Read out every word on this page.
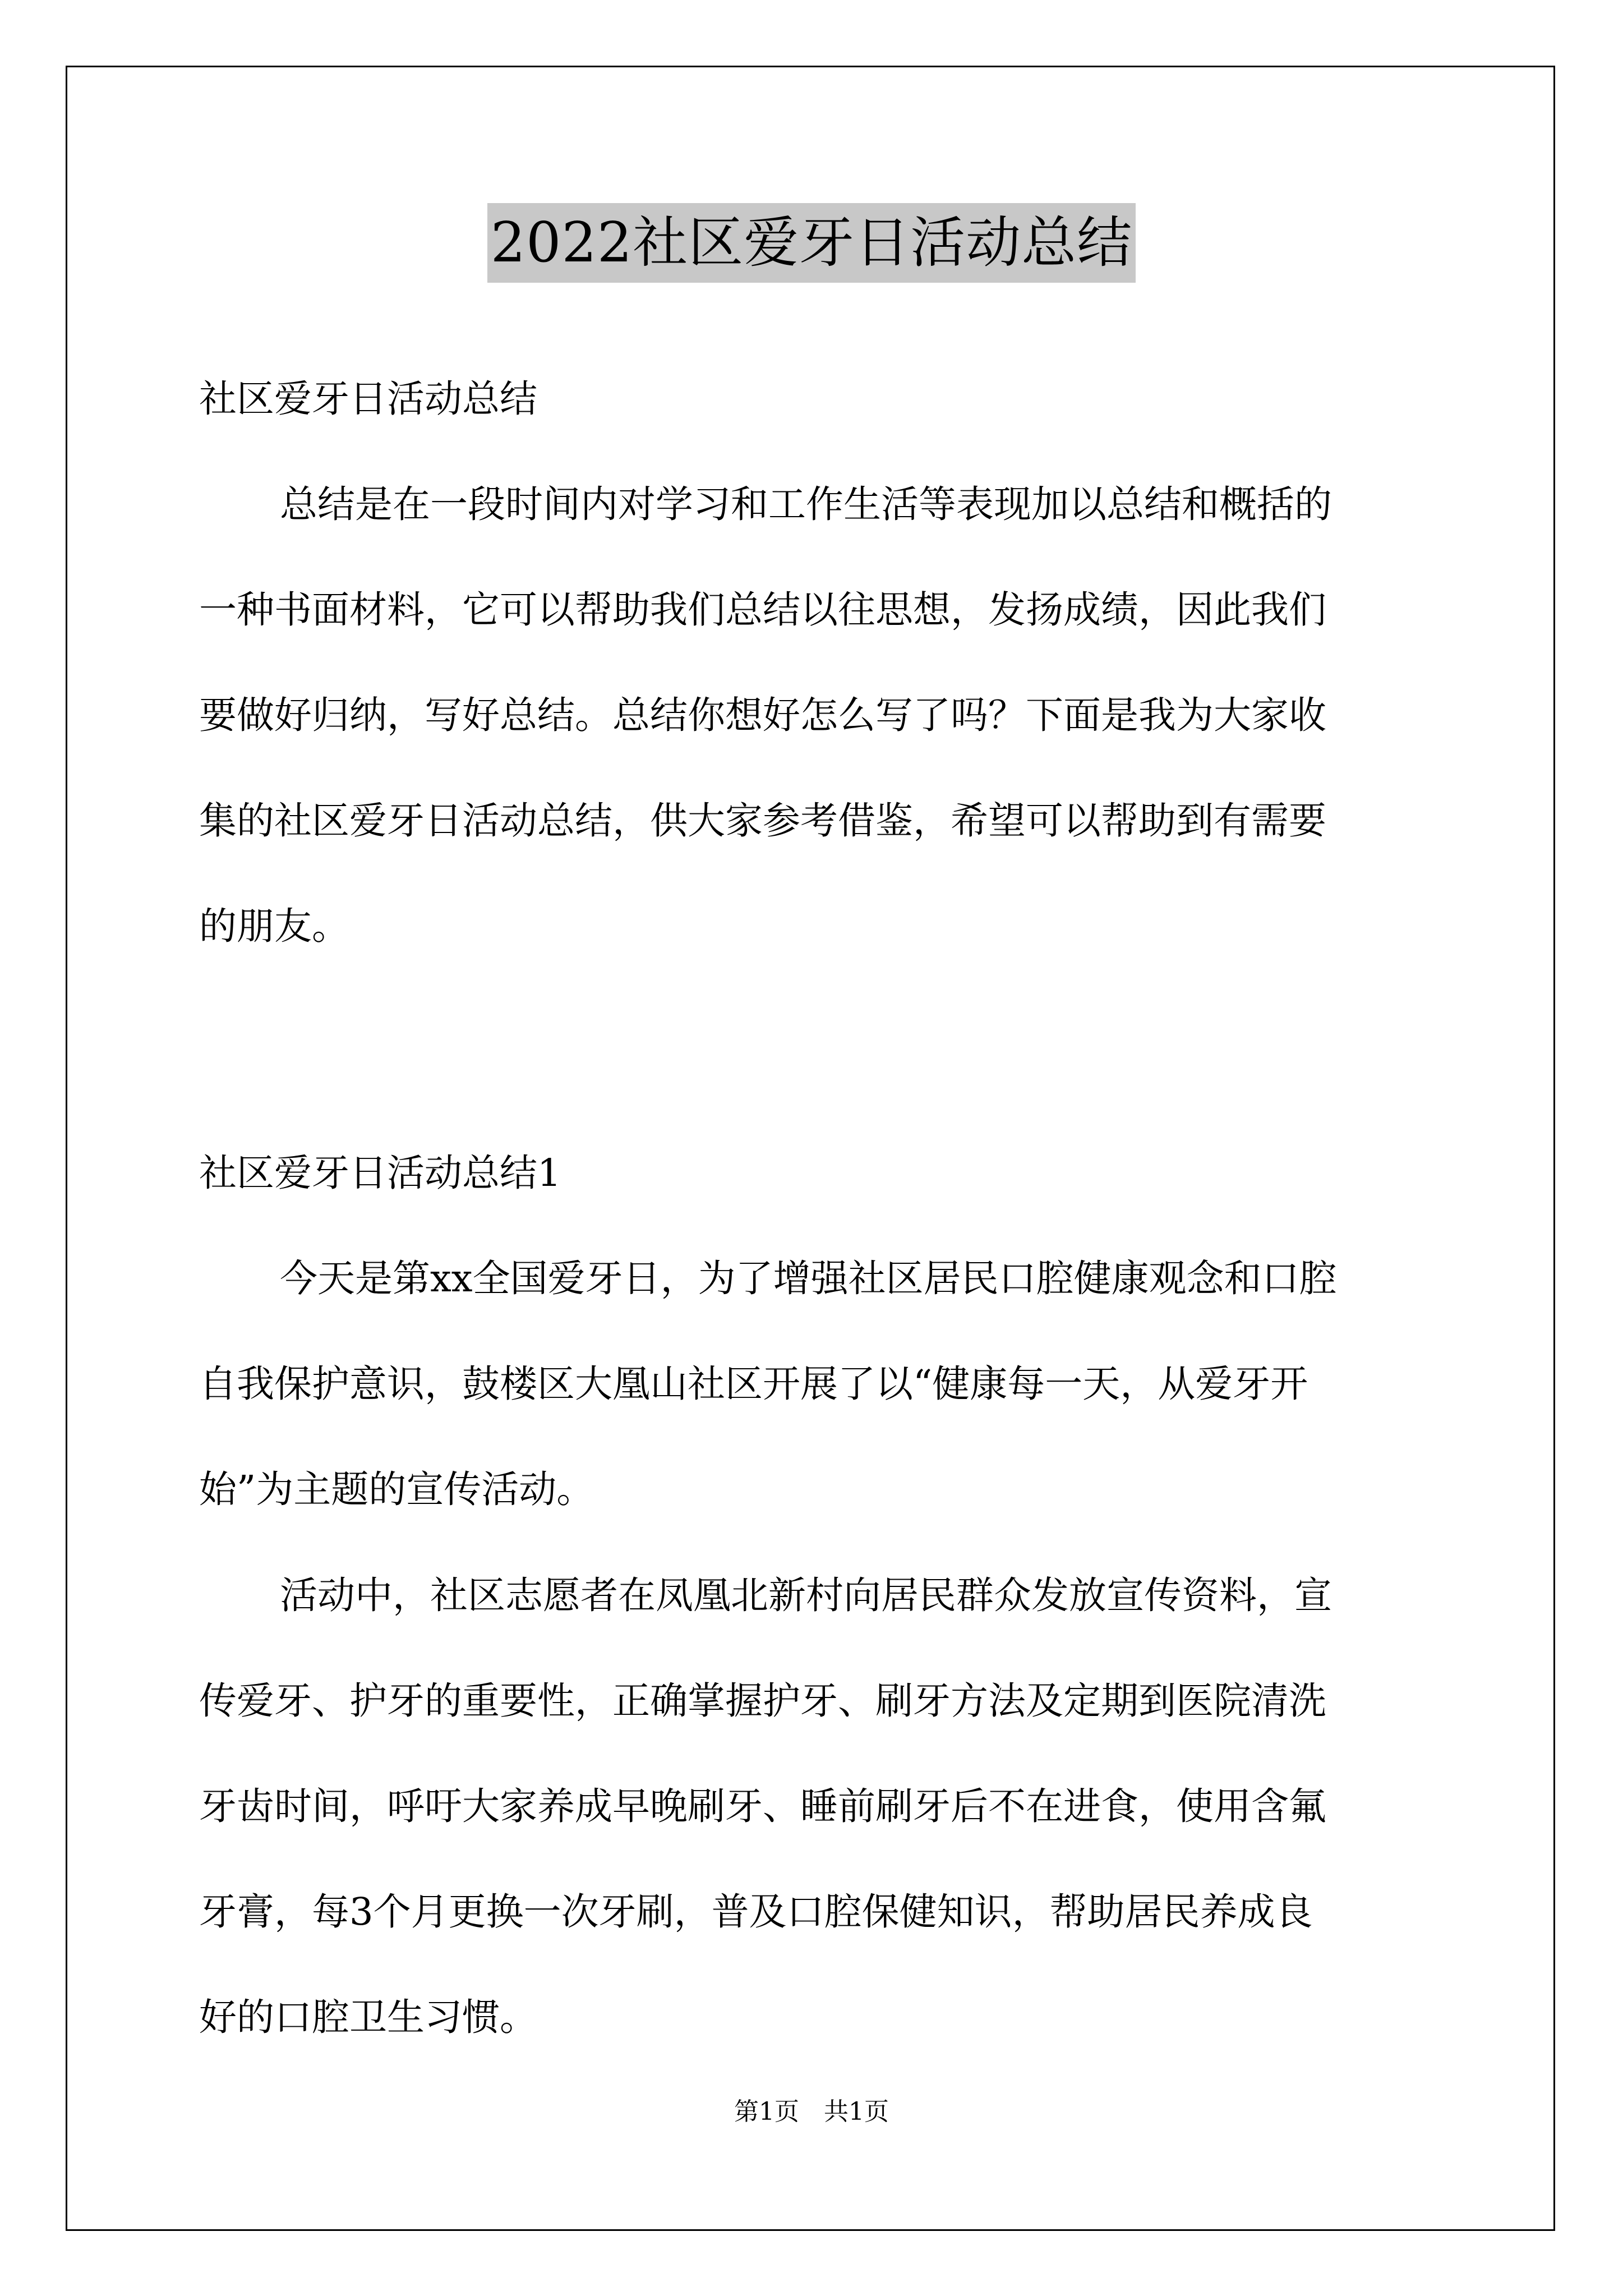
2022社区爱牙日活动总结
社区爱牙日活动总结
总结是在一段时间内对学习和工作生活等表现加以总结和概括的
一种书面材料，它可以帮助我们总结以往思想，发扬成绩，因此我们
要做好归纳，写好总结。总结你想好怎么写了吗？下面是我为大家收
集的社区爱牙日活动总结，供大家参考借鉴，希望可以帮助到有需要
的朋友。
社区爱牙日活动总结1
今天是第xx全国爱牙日，为了增强社区居民口腔健康观念和口腔
自我保护意识，鼓楼区大凰山社区开展了以“健康每一天，从爱牙开
始”为主题的宣传活动。
活动中，社区志愿者在凤凰北新村向居民群众发放宣传资料，宣
传爱牙、护牙的重要性，正确掌握护牙、刷牙方法及定期到医院清洗
牙齿时间，呼吁大家养成早晚刷牙、睡前刷牙后不在进食，使用含氟
牙膏，每3个月更换一次牙刷，普及口腔保健知识，帮助居民养成良
好的口腔卫生习惯。
第1页　共1页
